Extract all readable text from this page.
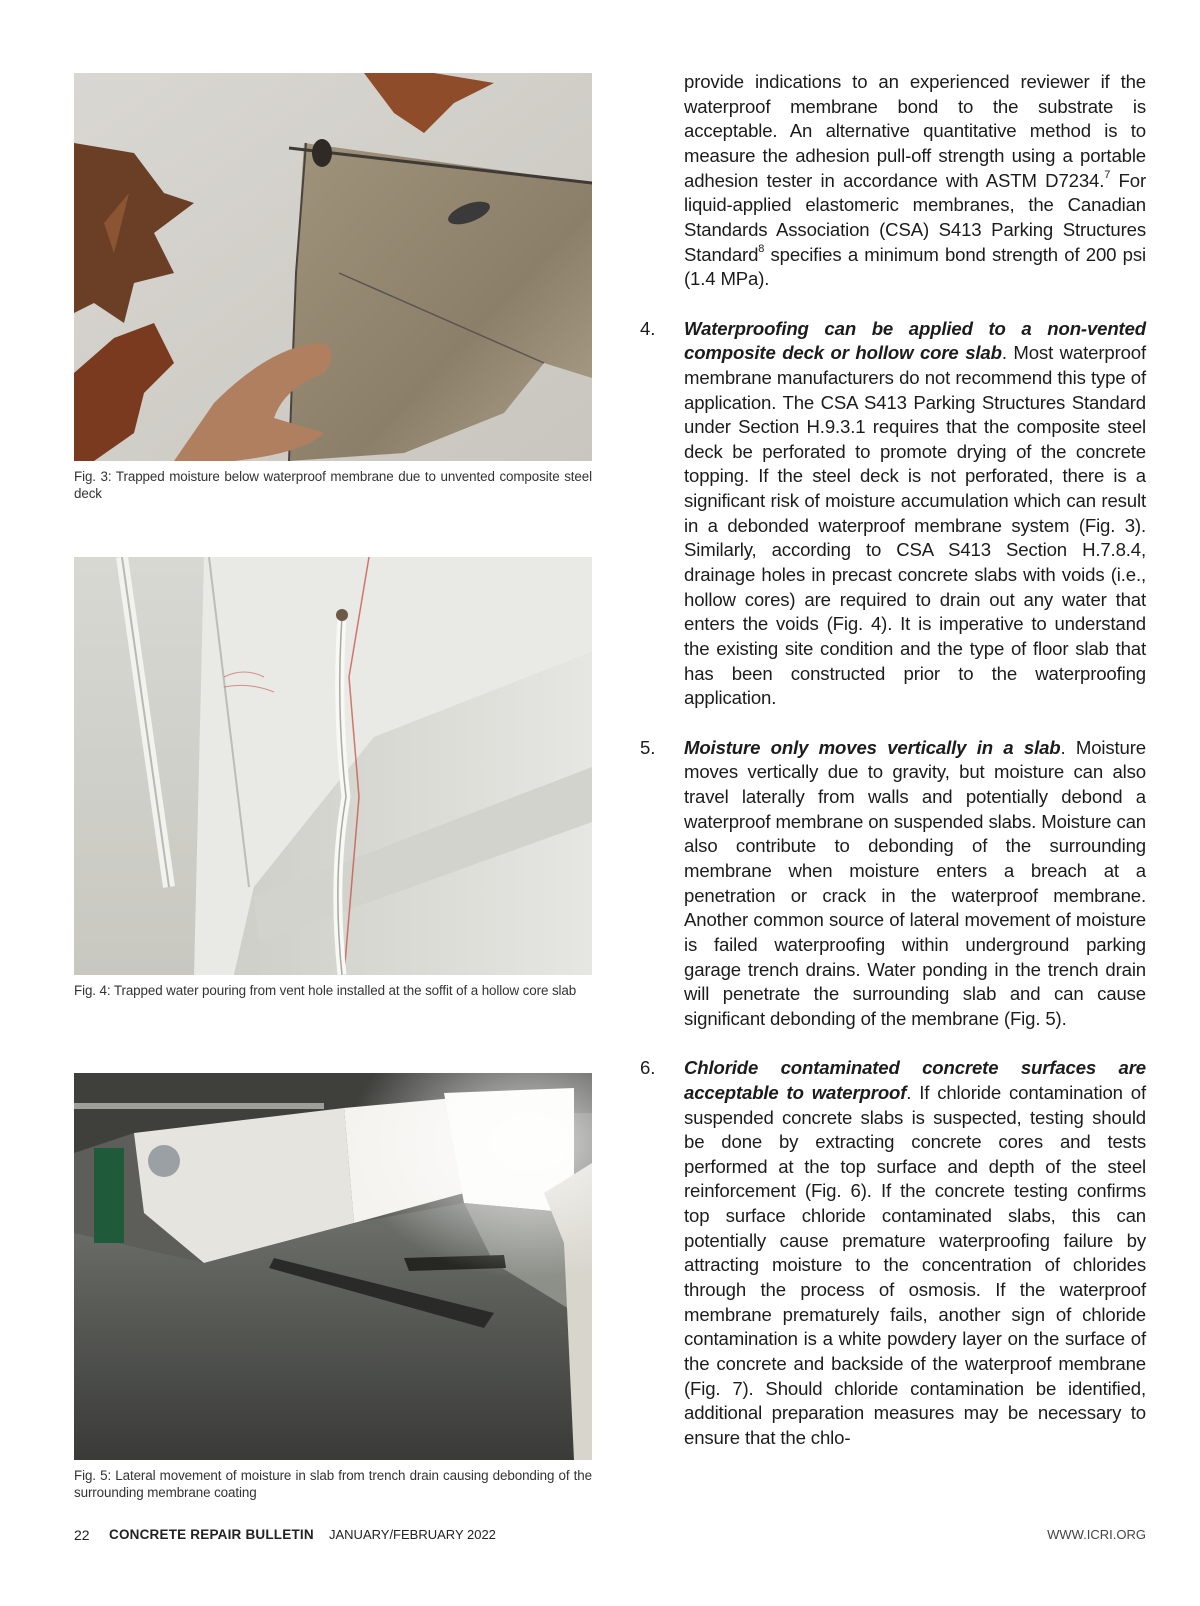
Fig. 3: Trapped moisture below waterproof membrane due to unvented composite steel deck

Fig. 4: Trapped water pouring from vent hole installed at the soffit of a hollow core slab

Fig. 5: Lateral movement of moisture in slab from trench drain causing debonding of the surrounding membrane coating

provide indications to an experienced reviewer if the waterproof membrane bond to the substrate is acceptable. An alternative quantitative method is to measure the adhesion pull-off strength using a portable adhesion tester in accordance with ASTM D7234.$^7$ For liquid-applied elastomeric membranes, the Canadian Standards Association (CSA) S413 Parking Structures Standard$^8$ specifies a minimum bond strength of 200 psi (1.4 MPa).

4. Waterproofing can be applied to a non-vented composite deck or hollow core slab. Most waterproof membrane manufacturers do not recommend this type of application. The CSA S413 Parking Structures Standard under Section H.9.3.1 requires that the composite steel deck be perforated to promote drying of the concrete topping. If the steel deck is not perforated, there is a significant risk of moisture accumulation which can result in a debonded waterproof membrane system (Fig. 3). Similarly, according to CSA S413 Section H.7.8.4, drainage holes in precast concrete slabs with voids (i.e., hollow cores) are required to drain out any water that enters the voids (Fig. 4). It is imperative to understand the existing site condition and the type of floor slab that has been constructed prior to the waterproofing application.
5. Moisture only moves vertically in a slab. Moisture moves vertically due to gravity, but moisture can also travel laterally from walls and potentially debond a waterproof membrane on suspended slabs. Moisture can also contribute to debonding of the surrounding membrane when moisture enters a breach at a penetration or crack in the waterproof membrane. Another common source of lateral movement of moisture is failed waterproofing within underground parking garage trench drains. Water ponding in the trench drain will penetrate the surrounding slab and can cause significant debonding of the membrane (Fig. 5).
6. Chloride contaminated concrete surfaces are acceptable to waterproof. If chloride contamination of suspended concrete slabs is suspected, testing should be done by extracting concrete cores and tests performed at the top surface and depth of the steel reinforcement (Fig. 6). If the concrete testing confirms top surface chloride contaminated slabs, this can potentially cause premature waterproofing failure by attracting moisture to the concentration of chlorides through the process of osmosis. If the waterproof membrane prematurely fails, another sign of chloride contamination is a white powdery layer on the surface of the concrete and backside of the waterproof membrane (Fig. 7). Should chloride contamination be identified, additional preparation measures may be necessary to ensure that the chlo-
22 CONCRETE REPAIR BULLETIN JANUARY/FEBRUARY 2022	WWW.ICRI.ORG
